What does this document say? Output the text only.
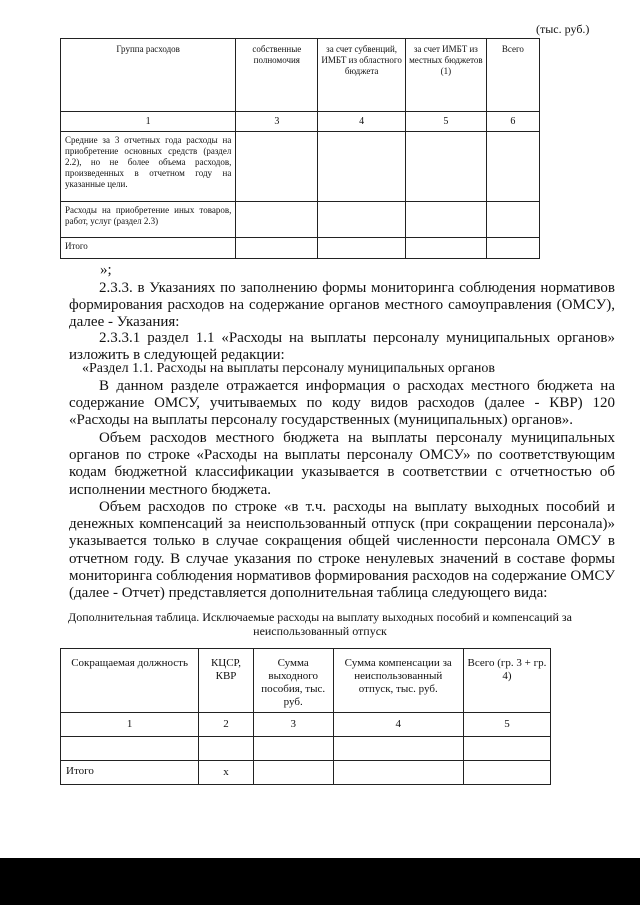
(тыс. руб.)
Группа расходов	собственные полномочия	за счет субвенций, ИМБТ из областного бюджета	за счет ИМБТ из местных бюджетов (1)	Всего
1	3	4	5	6
Средние за 3 отчетных года расходы на приобретение основных средств (раздел 2.2), но не более объема расходов, произведенных в отчетном году на указанные цели.				
Расходы на приобретение иных товаров, работ, услуг (раздел 2.3)				
Итого				
»;
2.3.3. в Указаниях по заполнению формы мониторинга соблюдения нормативов формирования расходов на содержание органов местного самоуправления (ОМСУ), далее - Указания:
2.3.3.1 раздел 1.1 «Расходы на выплаты персоналу муниципальных органов» изложить в следующей редакции:
«Раздел 1.1. Расходы на выплаты персоналу муниципальных органов
В данном разделе отражается информация о расходах местного бюджета на содержание ОМСУ, учитываемых по коду видов расходов (далее - КВР) 120 «Расходы на выплаты персоналу государственных (муниципальных) органов».
Объем расходов местного бюджета на выплаты персоналу муниципальных органов по строке «Расходы на выплаты персоналу ОМСУ» по соответствующим кодам бюджетной классификации указывается в соответствии с отчетностью об исполнении местного бюджета.
Объем расходов по строке «в т.ч. расходы на выплату выходных пособий и денежных компенсаций за неиспользованный отпуск (при сокращении персонала)» указывается только в случае сокращения общей численности персонала ОМСУ в отчетном году. В случае указания по строке ненулевых значений в составе формы мониторинга соблюдения нормативов формирования расходов на содержание ОМСУ (далее - Отчет) представляется дополнительная таблица следующего вида:
Дополнительная таблица. Исключаемые расходы на выплату выходных пособий и компенсаций за неиспользованный отпуск
Сокращаемая должность	КЦСР, КВР	Сумма выходного пособия, тыс. руб.	Сумма компенсации за неиспользованный отпуск, тыс. руб.	Всего (гр. 3 + гр. 4)
1	2	3	4	5

Итого	x			
